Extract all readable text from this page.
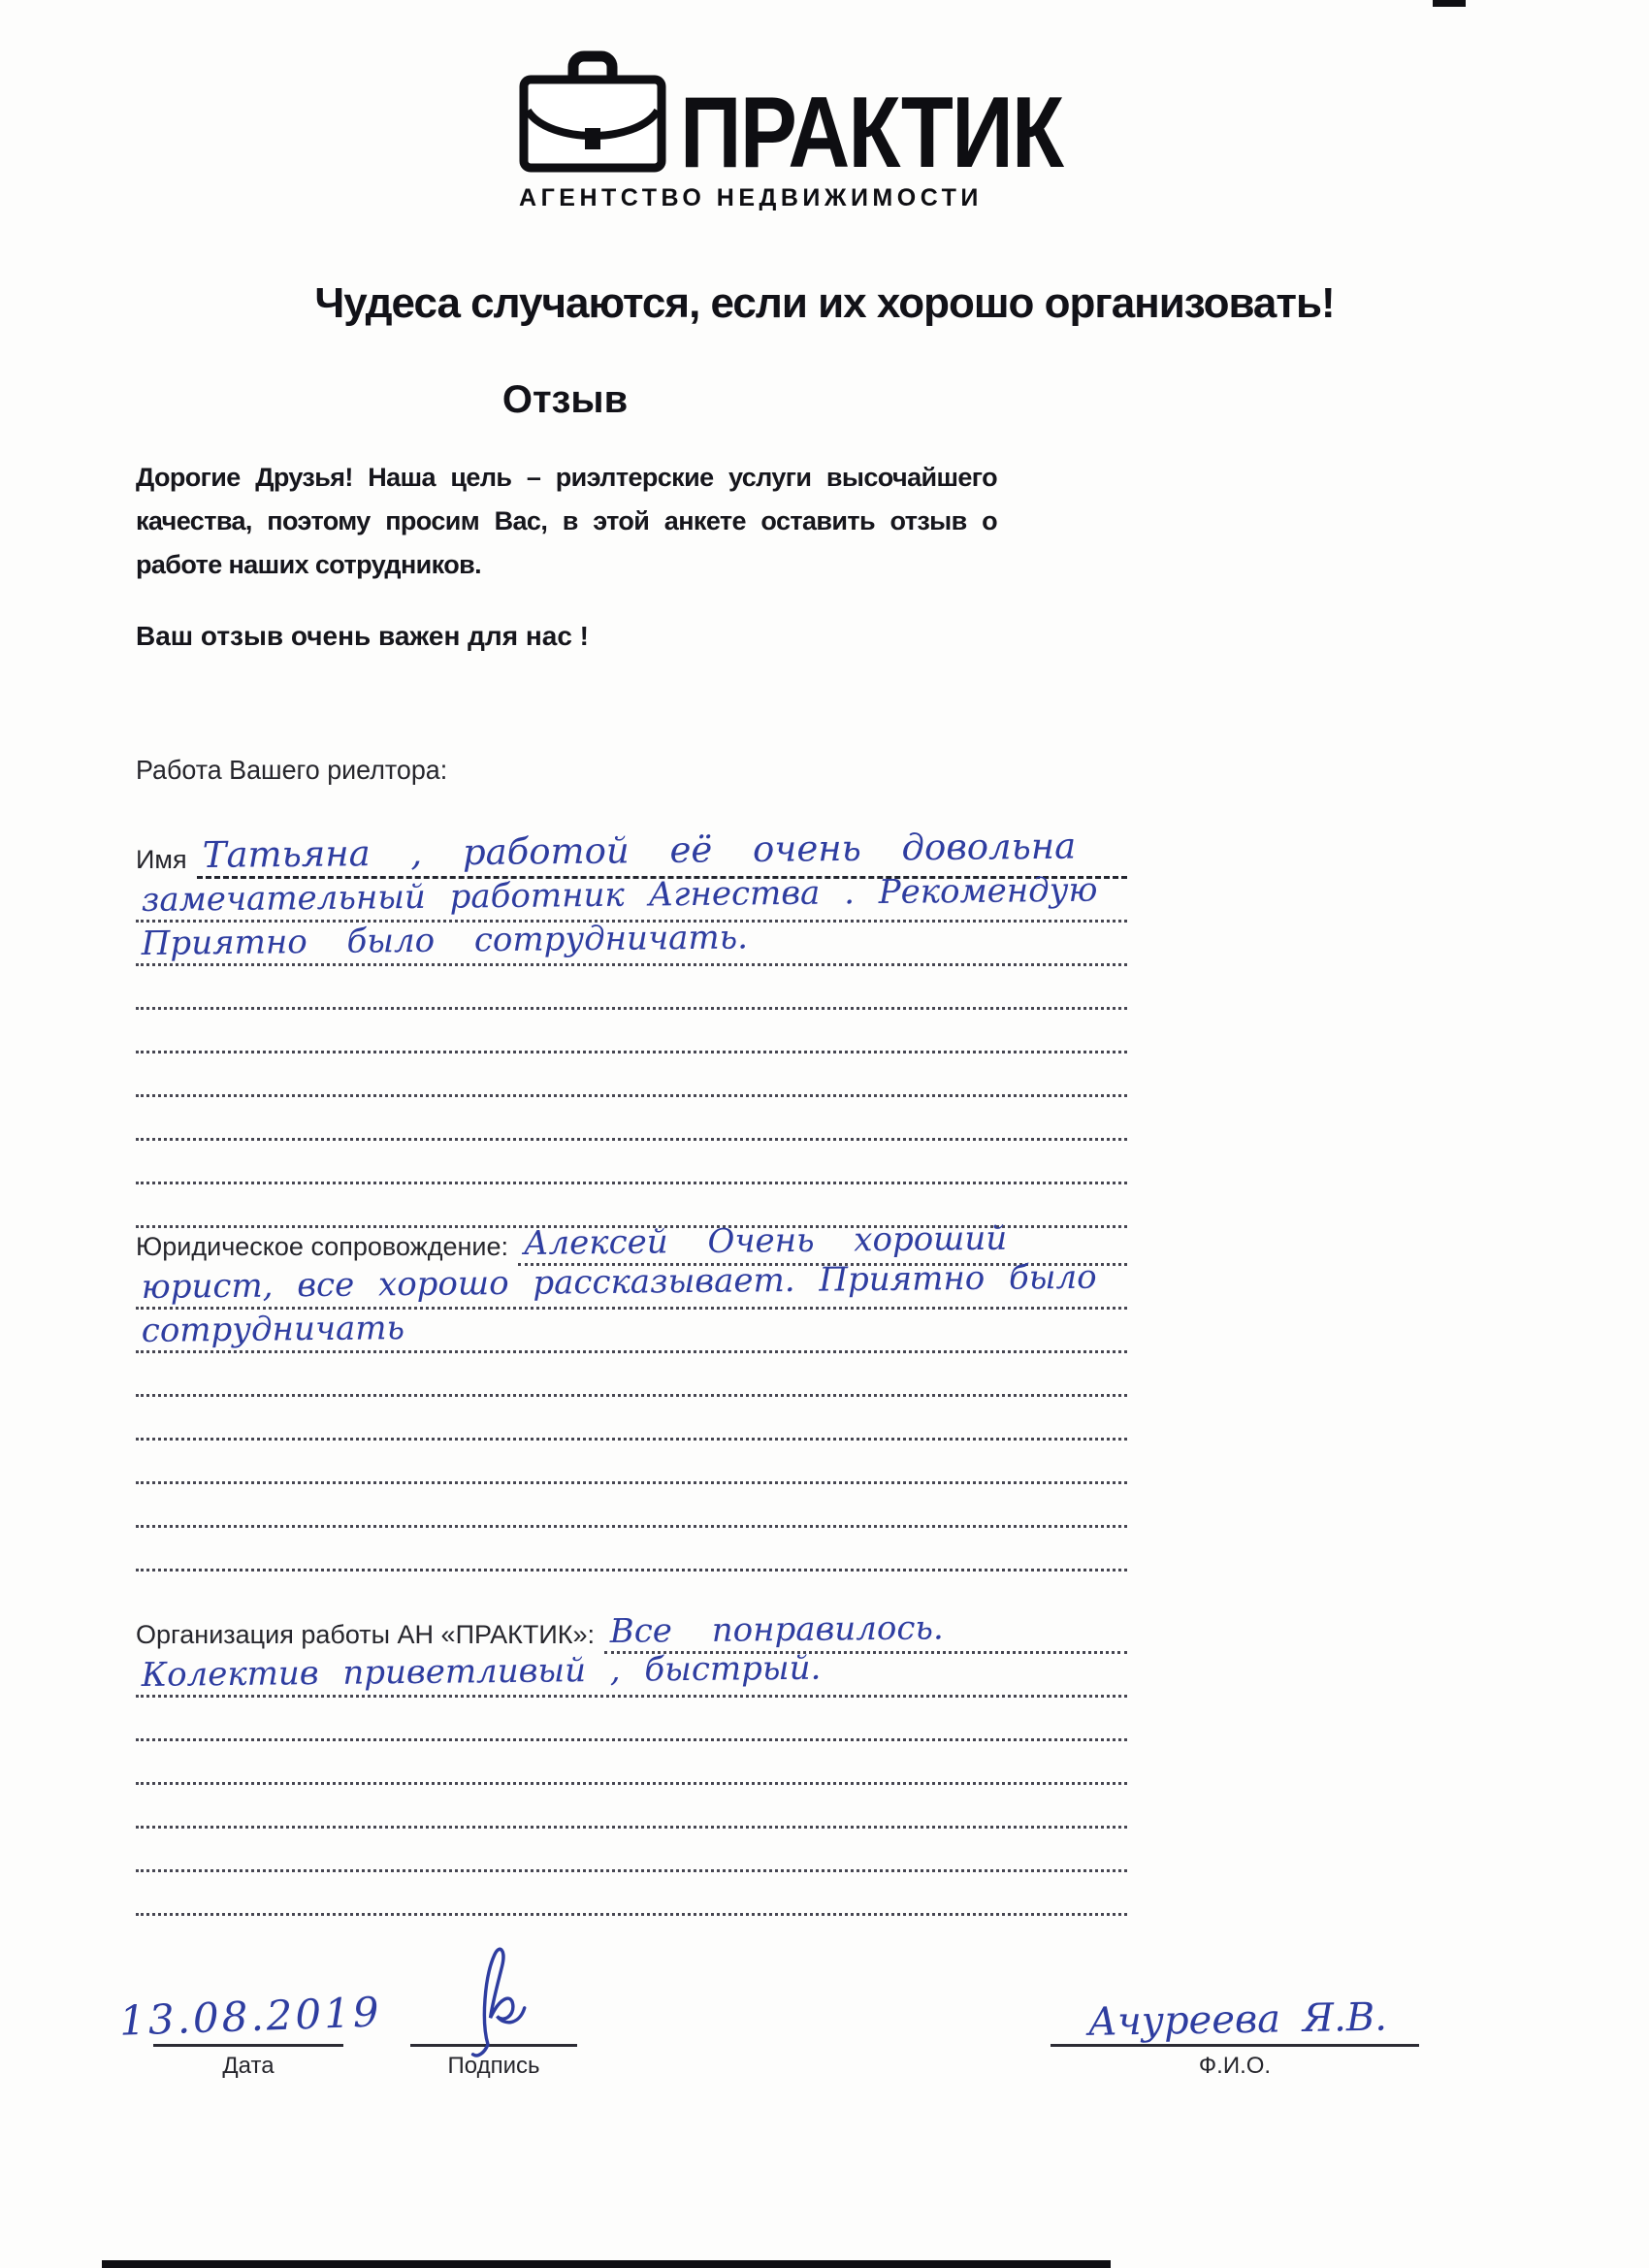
ПРАКТИК
АГЕНТСТВО НЕДВИЖИМОСТИ
Чудеса случаются, если их хорошо организовать!
Отзыв

Дорогие Друзья! Наша цель – риэлтерские услуги высочайшего качества, поэтому просим Вас, в этой анкете оставить отзыв о работе наших сотрудников.

Ваш отзыв очень важен для нас !
Работа Вашего риелтора:
Имя Татьяна , работой её очень довольна
замечательный работник Агнества . Рекомендую
Приятно было сотрудничать.
Юридическое сопровождение: Алексей Очень хороший
юрист, все хорошо рассказывает. Приятно было
сотрудничать
Организация работы АН «ПРАКТИК»: Все понравилось.
Колектив приветливый , быстрый.
13.08.2019
Дата	Подпись
Ачуреева Я.В.
Ф.И.О.
